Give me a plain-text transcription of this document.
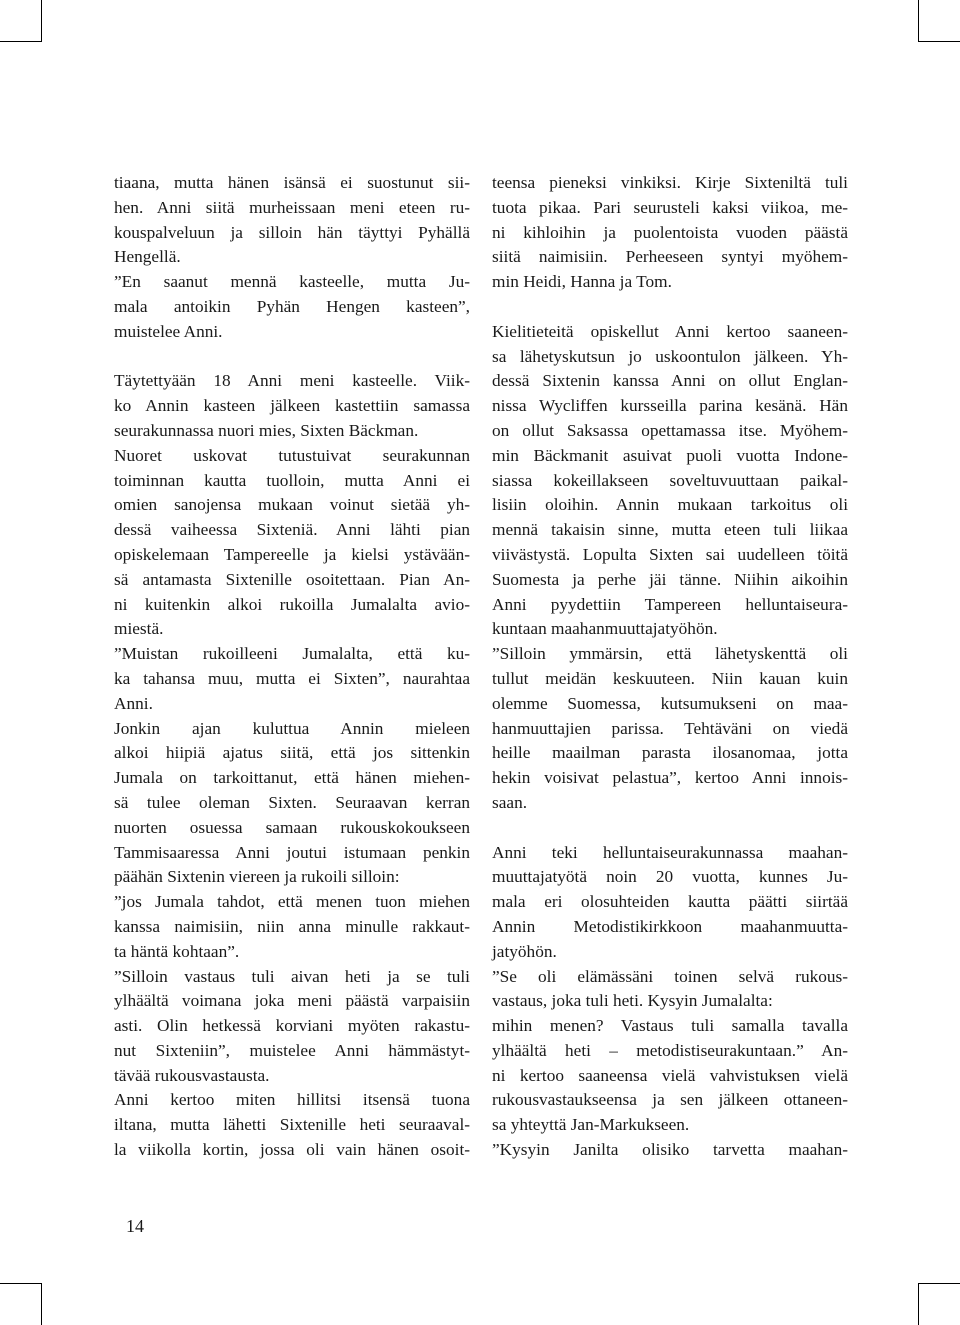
tiaana, mutta hänen isänsä ei suostunut sii-
hen. Anni siitä murheissaan meni eteen ru-
kouspalveluun ja silloin hän täyttyi Pyhällä
Hengellä.
”En saanut mennä kasteelle, mutta Ju-
mala antoikin Pyhän Hengen kasteen”,
muistelee Anni.
Täytettyään 18 Anni meni kasteelle. Viik-
ko Annin kasteen jälkeen kastettiin samassa
seurakunnassa nuori mies, Sixten Bäckman.
Nuoret uskovat tutustuivat seurakunnan
toiminnan kautta tuolloin, mutta Anni ei
omien sanojensa mukaan voinut sietää yh-
dessä vaiheessa Sixteniä. Anni lähti pian
opiskelemaan Tampereelle ja kielsi ystävään-
sä antamasta Sixtenille osoitettaan. Pian An-
ni kuitenkin alkoi rukoilla Jumalalta avio-
miestä.
”Muistan rukoilleeni Jumalalta, että ku-
ka tahansa muu, mutta ei Sixten”, naurahtaa
Anni.
Jonkin ajan kuluttua Annin mieleen
alkoi hiipiä ajatus siitä, että jos sittenkin
Jumala on tarkoittanut, että hänen miehen-
sä tulee oleman Sixten. Seuraavan kerran
nuorten osuessa samaan rukouskokoukseen
Tammisaaressa Anni joutui istumaan penkin
päähän Sixtenin viereen ja rukoili silloin:
”jos Jumala tahdot, että menen tuon miehen
kanssa naimisiin, niin anna minulle rakkaut-
ta häntä kohtaan”.
”Silloin vastaus tuli aivan heti ja se tuli
ylhäältä voimana joka meni päästä varpaisiin
asti. Olin hetkessä korviani myöten rakastu-
nut Sixteniin”, muistelee Anni hämmästyt-
tävää rukousvastausta.
Anni kertoo miten hillitsi itsensä tuona
iltana, mutta lähetti Sixtenille heti seuraaval-
la viikolla kortin, jossa oli vain hänen osoit-
teensa pieneksi vinkiksi. Kirje Sixteniltä tuli
tuota pikaa. Pari seurusteli kaksi viikoa, me-
ni kihloihin ja puolentoista vuoden päästä
siitä naimisiin. Perheeseen syntyi myöhem-
min Heidi, Hanna ja Tom.
Kielitieteitä opiskellut Anni kertoo saaneen-
sa lähetyskutsun jo uskoontulon jälkeen. Yh-
dessä Sixtenin kanssa Anni on ollut Englan-
nissa Wycliffen kursseilla parina kesänä. Hän
on ollut Saksassa opettamassa itse. Myöhem-
min Bäckmanit asuivat puoli vuotta Indone-
siassa kokeillakseen soveltuvuuttaan paikal-
lisiin oloihin. Annin mukaan tarkoitus oli
mennä takaisin sinne, mutta eteen tuli liikaa
viivästystä. Lopulta Sixten sai uudelleen töitä
Suomesta ja perhe jäi tänne. Niihin aikoihin
Anni pyydettiin Tampereen helluntaiseura-
kuntaan maahanmuuttajatyöhön.
”Silloin ymmärsin, että lähetyskenttä oli
tullut meidän keskuuteen. Niin kauan kuin
olemme Suomessa, kutsumukseni on maa-
hanmuuttajien parissa. Tehtäväni on viedä
heille maailman parasta ilosanomaa, jotta
hekin voisivat pelastua”, kertoo Anni innois-
saan.
Anni teki helluntaiseurakunnassa maahan-
muuttajatyötä noin 20 vuotta, kunnes Ju-
mala eri olosuhteiden kautta päätti siirtää
Annin Metodistikirkkoon maahanmuutta-
jatyöhön.
”Se oli elämässäni toinen selvä rukous-
vastaus, joka tuli heti. Kysyin Jumalalta:
mihin menen? Vastaus tuli samalla tavalla
ylhäältä heti – metodistiseurakuntaan.” An-
ni kertoo saaneensa vielä vahvistuksen vielä
rukousvastaukseensa ja sen jälkeen ottaneen-
sa yhteyttä Jan-Markukseen.
”Kysyin Janilta olisiko tarvetta maahan-
14
